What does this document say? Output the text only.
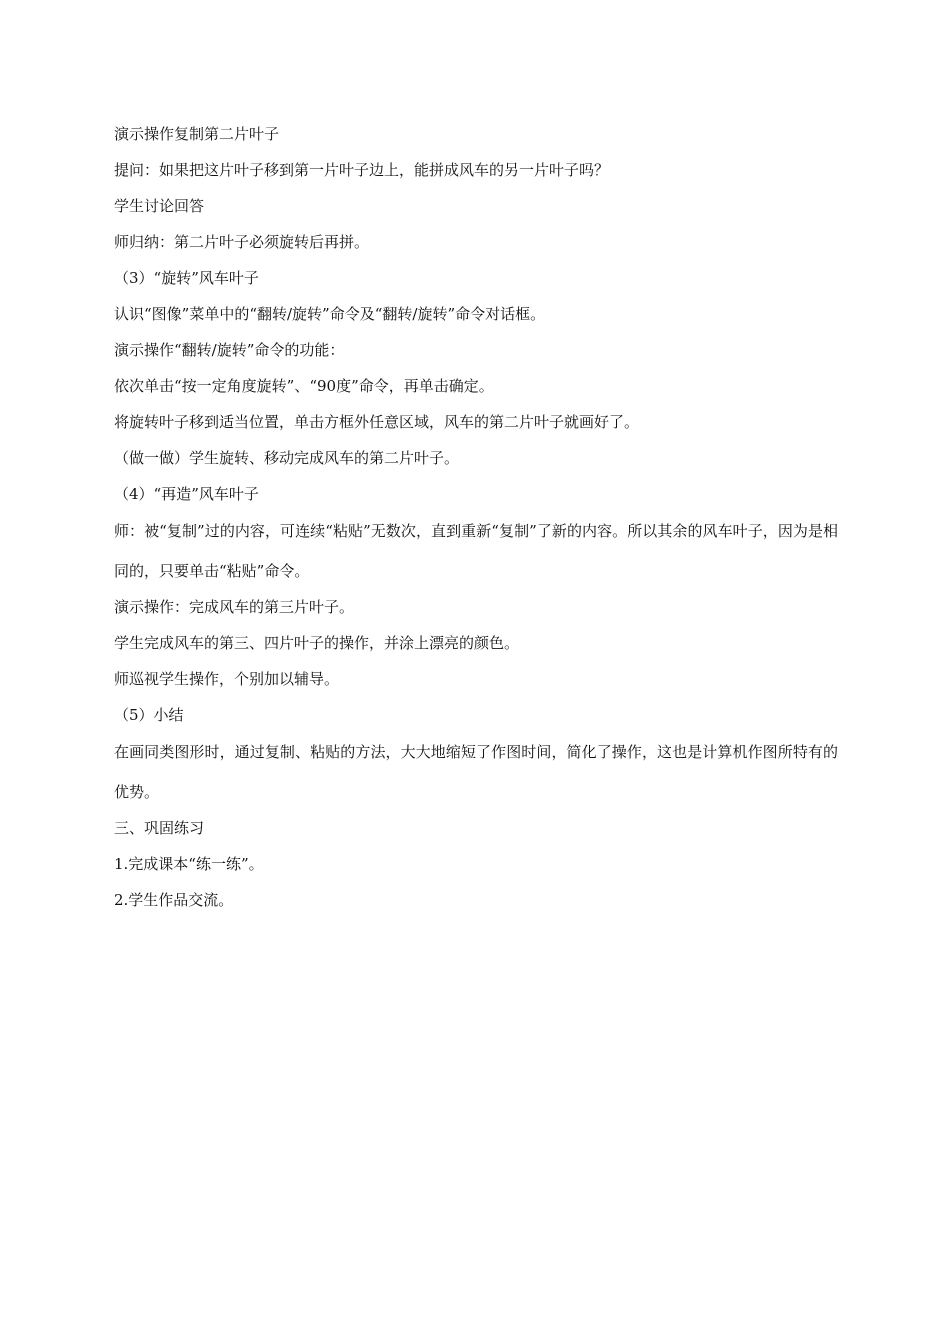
演示操作复制第二片叶子

提问：如果把这片叶子移到第一片叶子边上，能拼成风车的另一片叶子吗？

学生讨论回答

师归纳：第二片叶子必须旋转后再拼。

（3）“旋转”风车叶子

认识“图像”菜单中的“翻转/旋转”命令及“翻转/旋转”命令对话框。

演示操作“翻转/旋转”命令的功能：

依次单击“按一定角度旋转”、“90度”命令，再单击确定。

将旋转叶子移到适当位置，单击方框外任意区域，风车的第二片叶子就画好了。

（做一做）学生旋转、移动完成风车的第二片叶子。

（4）“再造”风车叶子

师：被“复制”过的内容，可连续“粘贴”无数次，直到重新“复制”了新的内容。所以其余的风车叶子，因为是相同的，只要单击“粘贴”命令。

演示操作：完成风车的第三片叶子。

学生完成风车的第三、四片叶子的操作，并涂上漂亮的颜色。

师巡视学生操作，个别加以辅导。

（5）小结

在画同类图形时，通过复制、粘贴的方法，大大地缩短了作图时间，简化了操作，这也是计算机作图所特有的优势。

三、巩固练习

1.完成课本“练一练”。

2.学生作品交流。
